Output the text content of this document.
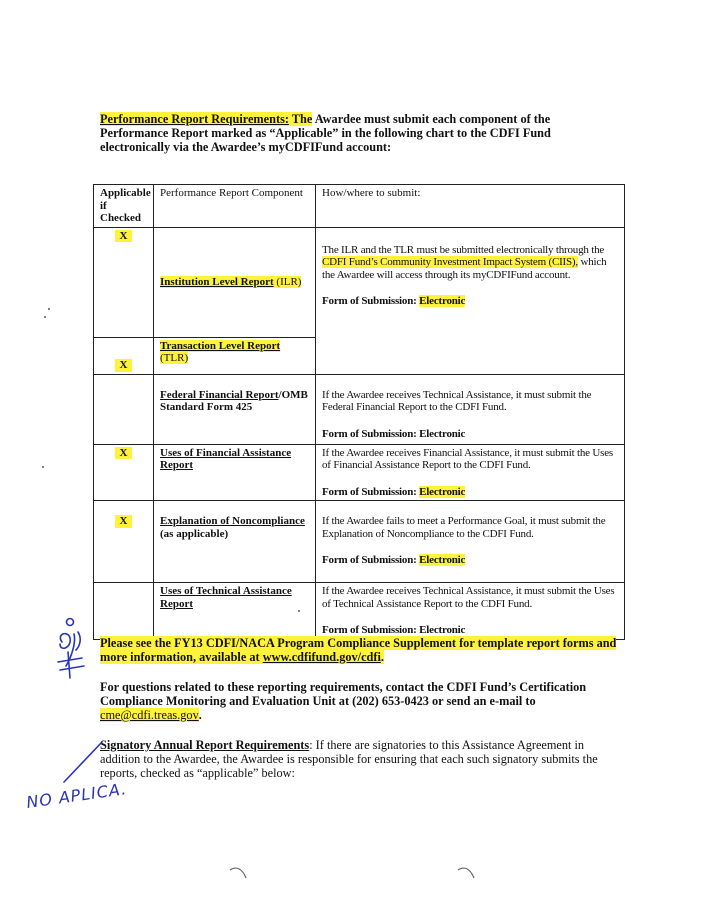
Performance Report Requirements: The Awardee must submit each component of the Performance Report marked as “Applicable” in the following chart to the CDFI Fund electronically via the Awardee’s myCDFIFund account:
Applicable if Checked	Performance Report Component	How/where to submit:
X	Institution Level Report (ILR)	The ILR and the TLR must be submitted electronically through the CDFI Fund’s Community Investment Impact System (CIIS), which the Awardee will access through its myCDFIFund account.
Form of Submission: Electronic

X	Transaction Level Report (TLR)	
	Federal Financial Report/OMB Standard Form 425	If the Awardee receives Technical Assistance, it must submit the Federal Financial Report to the CDFI Fund.
Form of Submission: Electronic

X	Uses of Financial Assistance Report	If the Awardee receives Financial Assistance, it must submit the Uses of Financial Assistance Report to the CDFI Fund.
Form of Submission: Electronic

X	Explanation of Noncompliance (as applicable)	If the Awardee fails to meet a Performance Goal, it must submit the Explanation of Noncompliance to the CDFI Fund.
Form of Submission: Electronic

	Uses of Technical Assistance Report	If the Awardee receives Technical Assistance, it must submit the Uses of Technical Assistance Report to the CDFI Fund.
Form of Submission: Electronic
Please see the FY13 CDFI/NACA Program Compliance Supplement for template report forms and more information, available at www.cdfifund.gov/cdfi.
For questions related to these reporting requirements, contact the CDFI Fund’s Certification Compliance Monitoring and Evaluation Unit at (202) 653-0423 or send an e-mail to cme@cdfi.treas.gov.
Signatory Annual Report Requirements: If there are signatories to this Assistance Agreement in addition to the Awardee, the Awardee is responsible for ensuring that each such signatory submits the reports, checked as “applicable” below:
NO APLICA.
